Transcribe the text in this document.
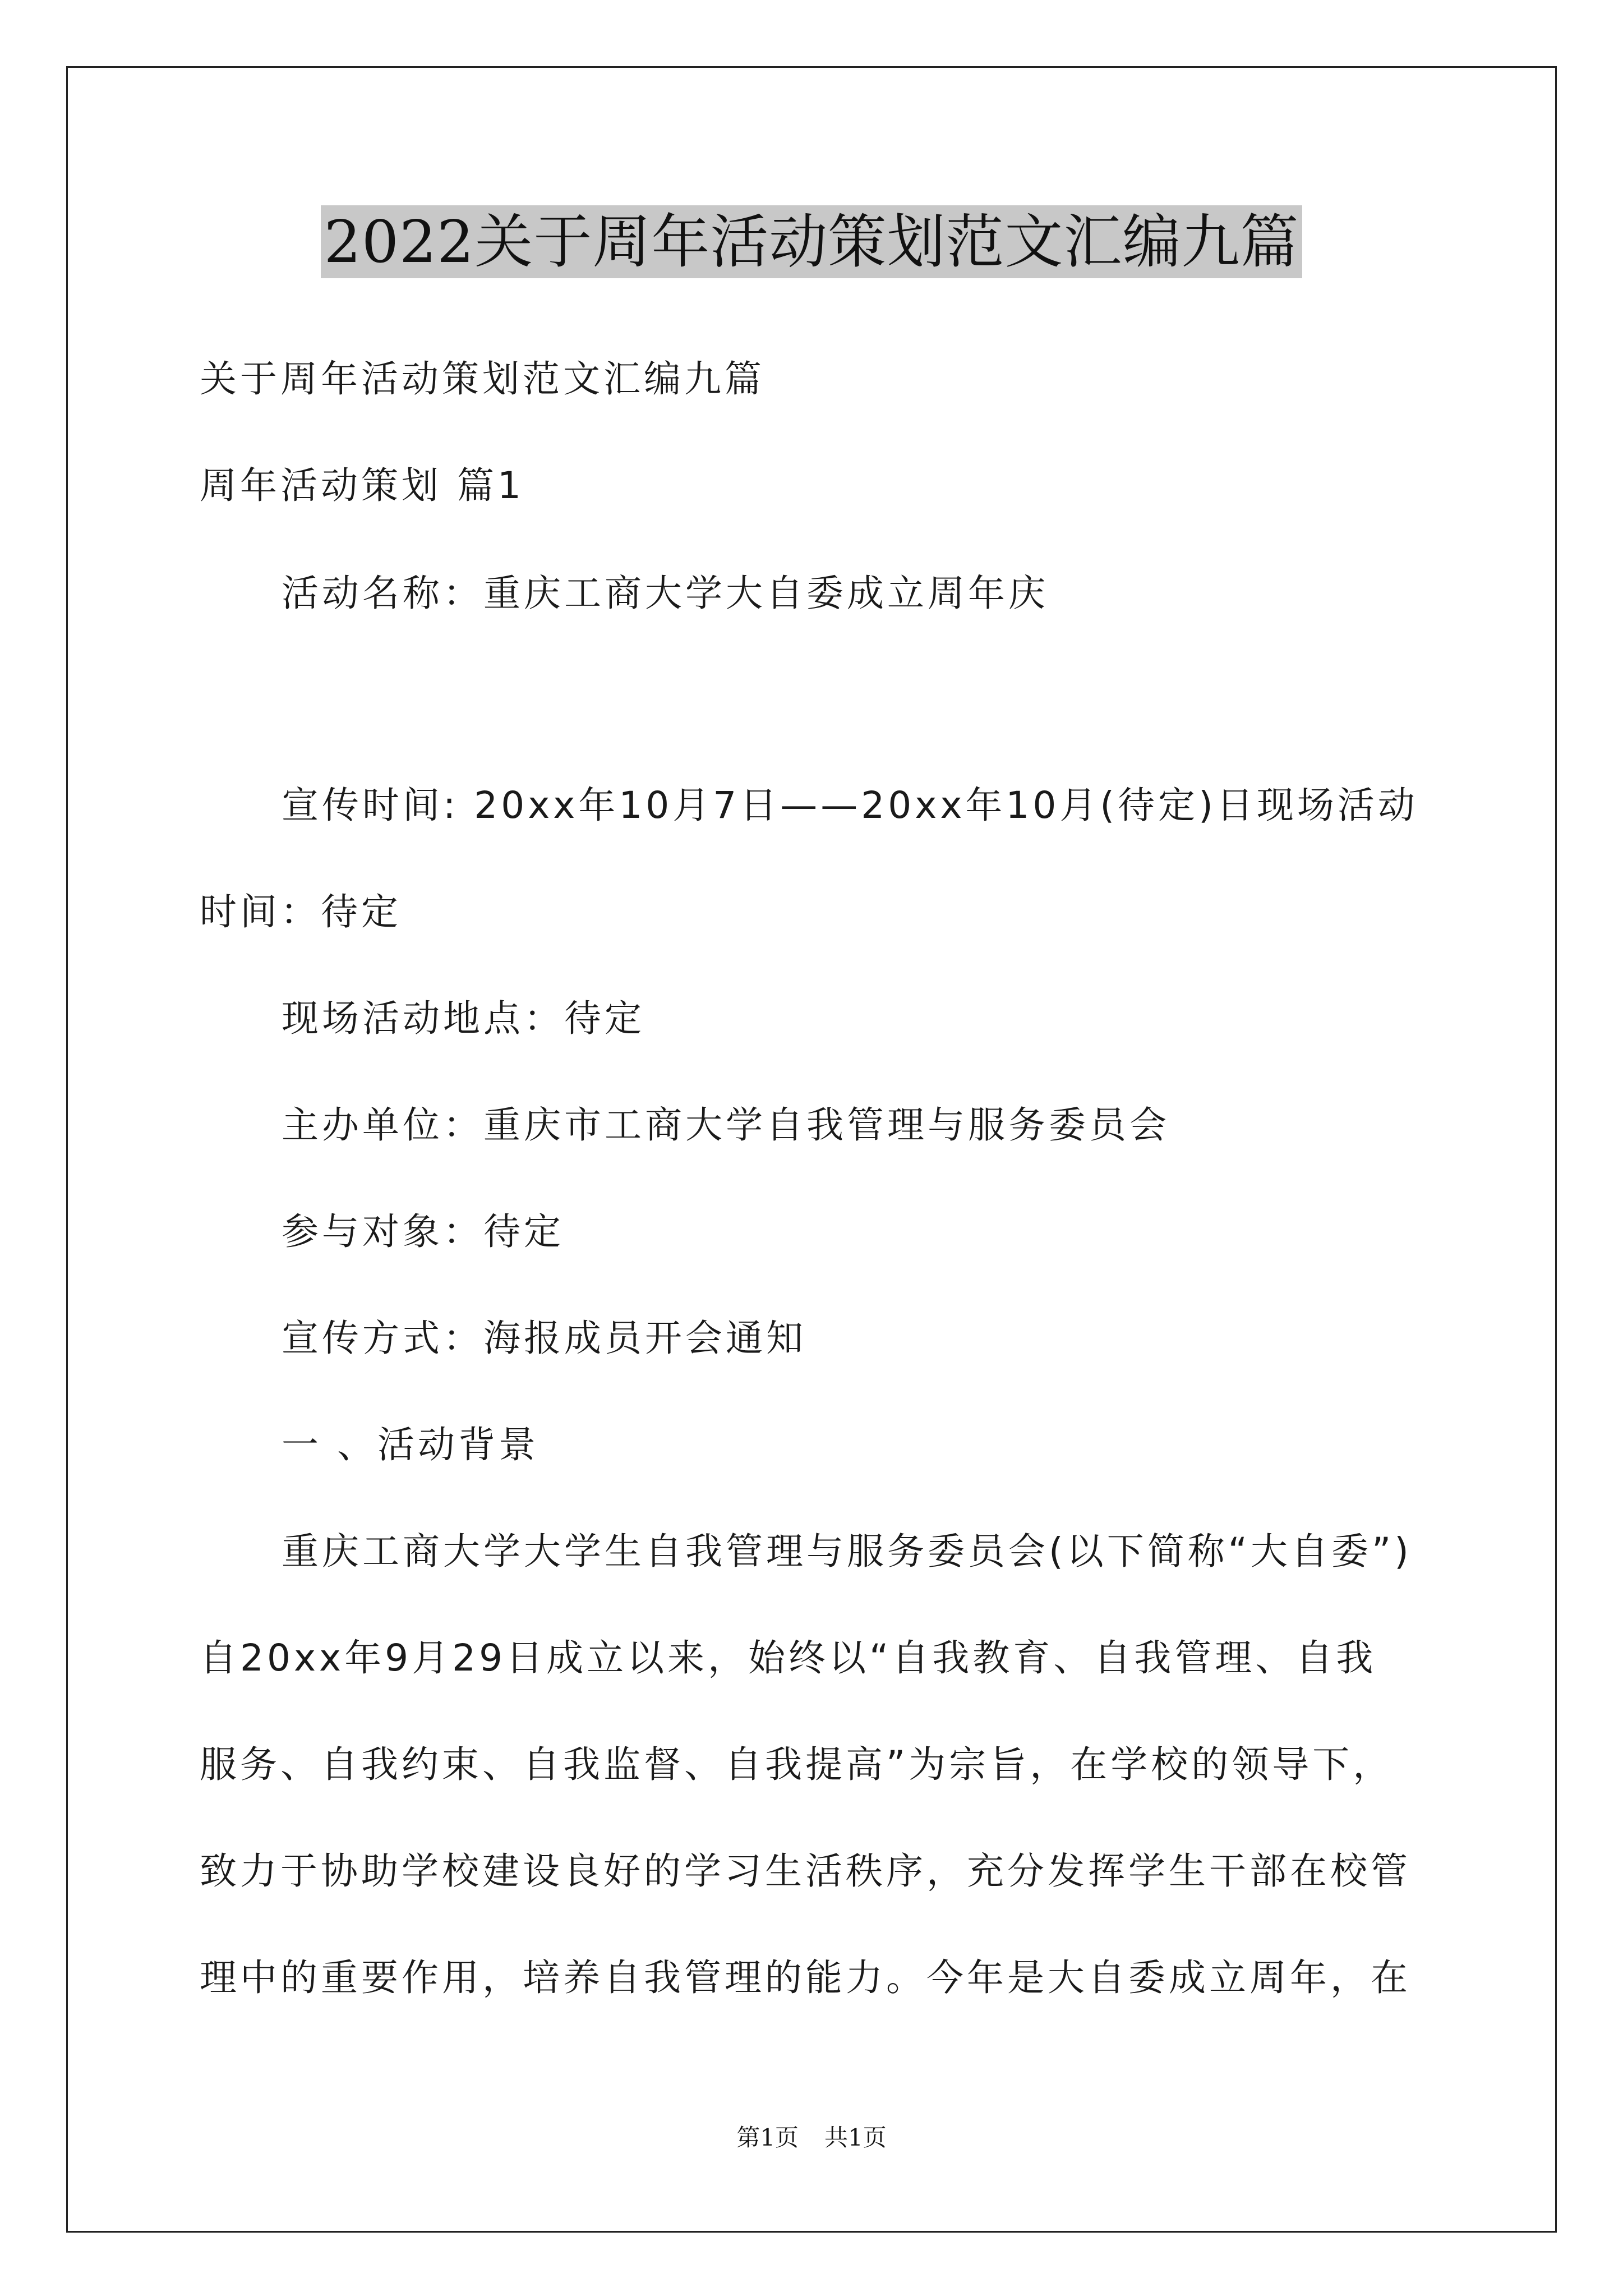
2022关于周年活动策划范文汇编九篇
关于周年活动策划范文汇编九篇
周年活动策划 篇1
活动名称：重庆工商大学大自委成立周年庆
宣传时间: 20xx年10月7日——20xx年10月(待定)日现场活动
时间：待定
现场活动地点：待定
主办单位：重庆市工商大学自我管理与服务委员会
参与对象：待定
宣传方式：海报成员开会通知
一 、活动背景
重庆工商大学大学生自我管理与服务委员会(以下简称“大自委”)
自20xx年9月29日成立以来，始终以“自我教育、自我管理、自我
服务、自我约束、自我监督、自我提高”为宗旨，在学校的领导下，
致力于协助学校建设良好的学习生活秩序，充分发挥学生干部在校管
理中的重要作用，培养自我管理的能力。今年是大自委成立周年，在
第1页 共1页
